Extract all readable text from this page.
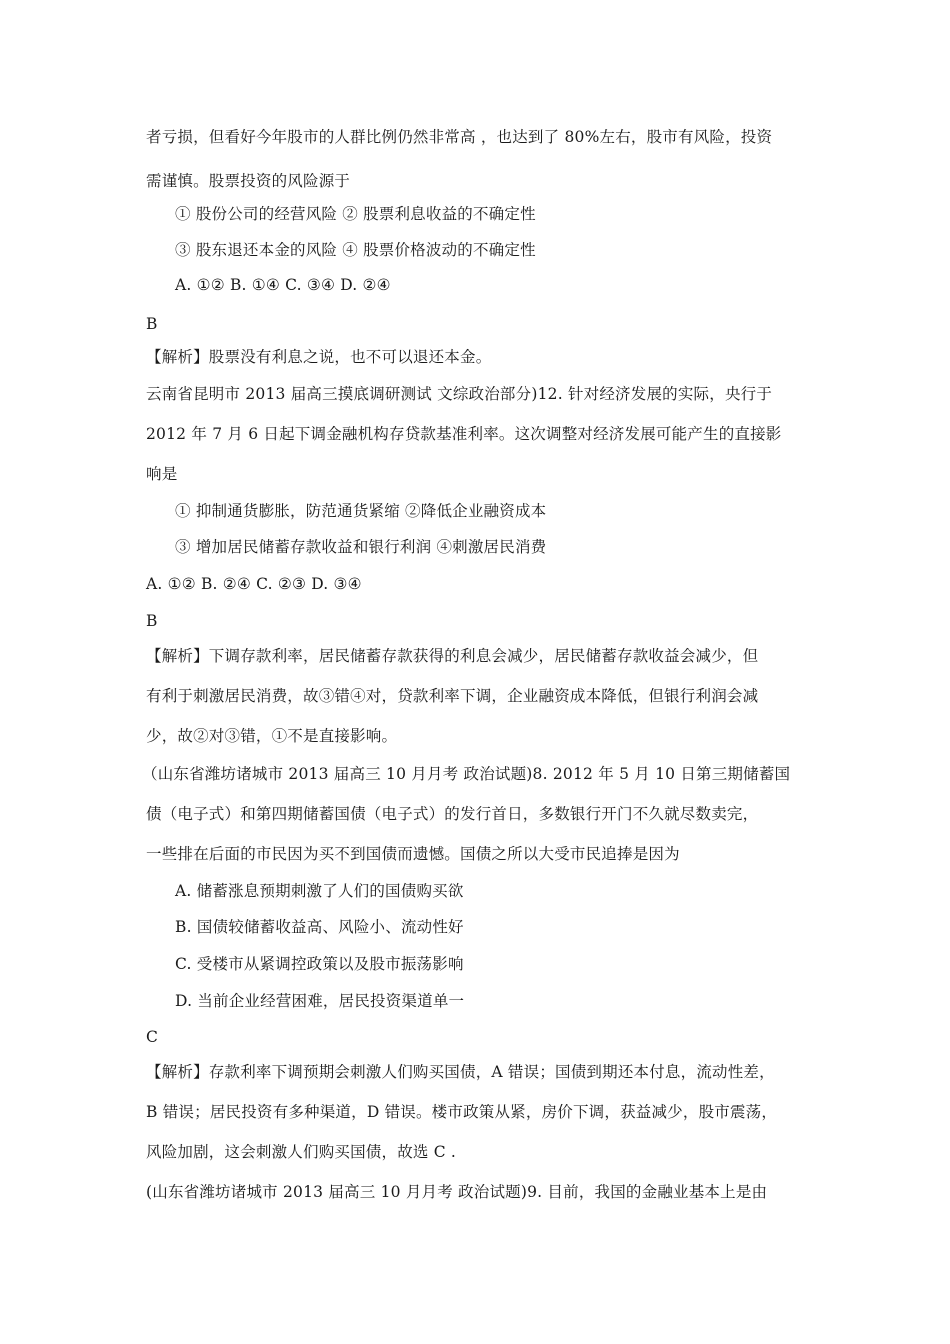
者亏损，但看好今年股市的人群比例仍然非常高 ，也达到了 80%左右，股市有风险，投资
需谨慎。股票投资的风险源于
① 股份公司的经营风险 ② 股票利息收益的不确定性
③ 股东退还本金的风险 ④ 股票价格波动的不确定性
A. ①② B. ①④ C. ③④ D. ②④
B
【解析】股票没有利息之说，也不可以退还本金。
云南省昆明市 2013 届高三摸底调研测试 文综政治部分)12. 针对经济发展的实际，央行于
2012 年 7 月 6 日起下调金融机构存贷款基准利率。这次调整对经济发展可能产生的直接影
响是
① 抑制通货膨胀，防范通货紧缩 ②降低企业融资成本
③ 增加居民储蓄存款收益和银行利润 ④刺激居民消费
A. ①② B. ②④ C. ②③ D. ③④
B
【解析】下调存款利率，居民储蓄存款获得的利息会减少，居民储蓄存款收益会减少，但
有利于刺激居民消费，故③错④对，贷款利率下调，企业融资成本降低，但银行利润会减
少，故②对③错，①不是直接影响。
（山东省潍坊诸城市 2013 届高三 10 月月考 政治试题)8. 2012 年 5 月 10 日第三期储蓄国
债（电子式）和第四期储蓄国债（电子式）的发行首日，多数银行开门不久就尽数卖完，
一些排在后面的市民因为买不到国债而遗憾。国债之所以大受市民追捧是因为
A. 储蓄涨息预期刺激了人们的国债购买欲
B. 国债较储蓄收益高、风险小、流动性好
C. 受楼市从紧调控政策以及股市振荡影响
D. 当前企业经营困难，居民投资渠道单一
C
【解析】存款利率下调预期会刺激人们购买国债，A 错误；国债到期还本付息，流动性差，
B 错误；居民投资有多种渠道，D 错误。楼市政策从紧，房价下调，获益减少，股市震荡，
风险加剧，这会刺激人们购买国债，故选 C .
(山东省潍坊诸城市 2013 届高三 10 月月考 政治试题)9. 目前，我国的金融业基本上是由
